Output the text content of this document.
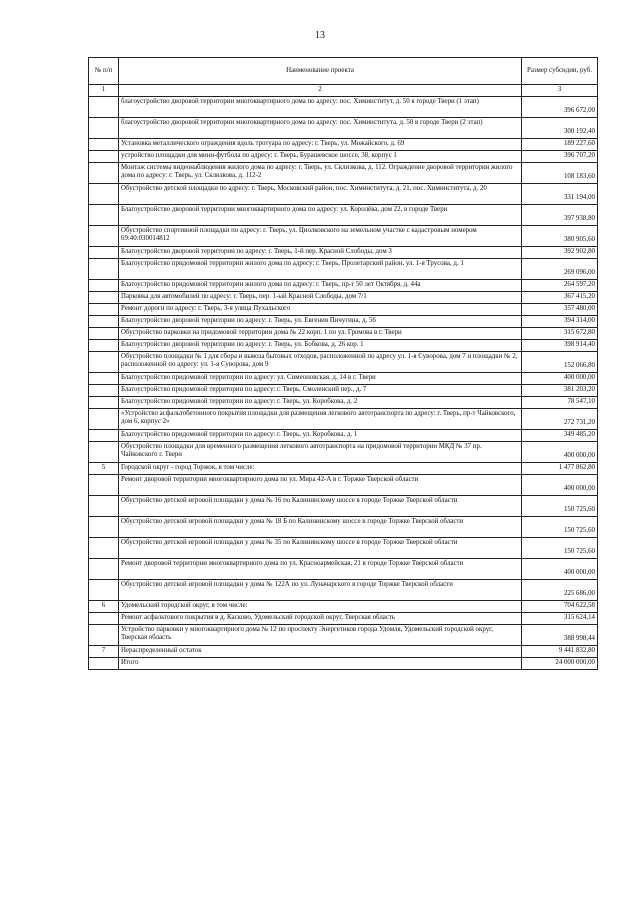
13
№ п/п	Наименование проекта	Размер субсидии, руб.
1	2	3
	благоустройство дворовой территории многоквартирного дома по адресу: пос. Химинститут, д. 50 в городе Твери (1 этап)	396 672,00
	благоустройство дворовой территории многоквартирного дома по адресу: пос. Химинститута, д. 50 в городе Твери (2 этап)	300 192,40
	Установка металлического ограждения вдоль тротуара по адресу: г. Тверь, ул. Можайского, д. 69	189 227,60
	устройство площадки для мини-футбола по адресу: г. Тверь, Бурашевское шоссе, 38, корпус 1	396 707,20
	Монтаж системы видеонаблюдения жилого дома по адресу: г. Тверь, ул. Склизкова, д. 112. Ограждение дворовой территории жилого дома по адресу: г. Тверь, ул. Склизкова, д. 112-2	108 183,60
	Обустройство детской площадки по адресу: г. Тверь, Московский район, пос. Химинститута, д. 21, пос. Химинститута, д. 20	331 194,00
	Благоустройство дворовой территории многоквартирного дома по адресу: ул. Королёва, дом 22, в городе Твери	397 938,80
	Обустройство спортивной площадки по адресу: г. Тверь, ул. Циолковского на земельном участке с кадастровым номером 69:40:030014812	380 905,60
	Благоустройство дворовой территории по адресу: г. Тверь, 1-й пер. Красной Слободы, дом 3	392 902,80
	Благоустройство придомовой территории жилого дома по адресу: г. Тверь, Пролетарский район, ул. 1-я Трусова, д. 1	269 096,00
	Благоустройство придомовой территории жилого дома по адресу: г. Тверь, пр-т 50 лет Октября, д. 44а	264 597,20
	Парковка для автомобилей по адресу: г. Тверь, пер. 1-ый Красной Слободы, дом 7/1	367 415,20
	Ремонт дороги по адресу: г. Тверь, 3-я улица Пухальского	357 480,00
	Благоустройство дворовой территории по адресу: г. Тверь, ул. Евгения Пичугина, д. 56	394 314,00
	Обустройство парковки на придомовой территории дома № 22 корп. 1 по ул. Громова в г. Твери	315 672,80
	Благоустройство дворовой территории по адресу: г. Тверь, ул. Бобкова, д. 26 кор. 1	398 914,40
	Обустройство площадки № 1 для сбора и вывоза бытовых отходов, расположенной по адресу ул. 1-я Суворова, дом 7 и площадки № 2, расположенной по адресу: ул. 1-я Суворова, дом 9	152 066,80
	Благоустройство придомовой территории по адресу: ул. Симеоновская, д. 14 в г. Твери	400 000,00
	Благоустройство придомовой территории по адресу: г. Тверь, Смоленский пер., д. 7	381 203,20
	Благоустройство придомовой территории по адресу: г. Тверь, ул. Коробкова, д. 2	78 547,10
	«Устройство асфальтобетонного покрытия площадки для размещения легкового автотранспорта по адресу: г. Тверь, пр-т Чайковского, дом 6, корпус 2»	272 731,20
	Благоустройство придомовой территории по адресу: г. Тверь, ул. Коробкова, д. 1	349 485,20
	Обустройство площадки для временного размещения легкового автотранспорта на придомовой территории МКД № 37 пр. Чайковского г. Твери	400 000,00
5	Городской округ - город Торжок, в том числе:	1 477 862,80
	Ремонт дворовой территории многоквартирного дома по ул. Мира 42-А в г. Торжке Тверской области	400 000,00
	Обустройство детской игровой площадки у дома № 16 по Калининскому шоссе в городе Торжке Тверской области	150 725,60
	Обустройство детской игровой площадки у дома № 18 Б по Калининскому шоссе в городе Торжке Тверской области	150 725,60
	Обустройство детской игровой площадки у дома № 35 по Калининскому шоссе в городе Торжке Тверской области	150 725,60
	Ремонт дворовой территории многоквартирного дома по ул. Красноармейская, 21 в городе Торжке Тверской области	400 000,00
	Обустройство детской игровой площадки у дома № 122А по ул. Луначарского в городе Торжке Тверской области	225 686,00
6	Удомельский городской округ, в том числе:	704 622,58
	Ремонт асфальтового покрытия в д. Касково, Удомельский городской округ, Тверская область	315 624,14
	Устройство парковки у многоквартирного дома № 12 по проспекту Энергетиков города Удомля, Удомельский городской округ, Тверская область	388 998,44
7	Нераспределенный остаток	9 441 832,80
	Итого	24 000 000,00
